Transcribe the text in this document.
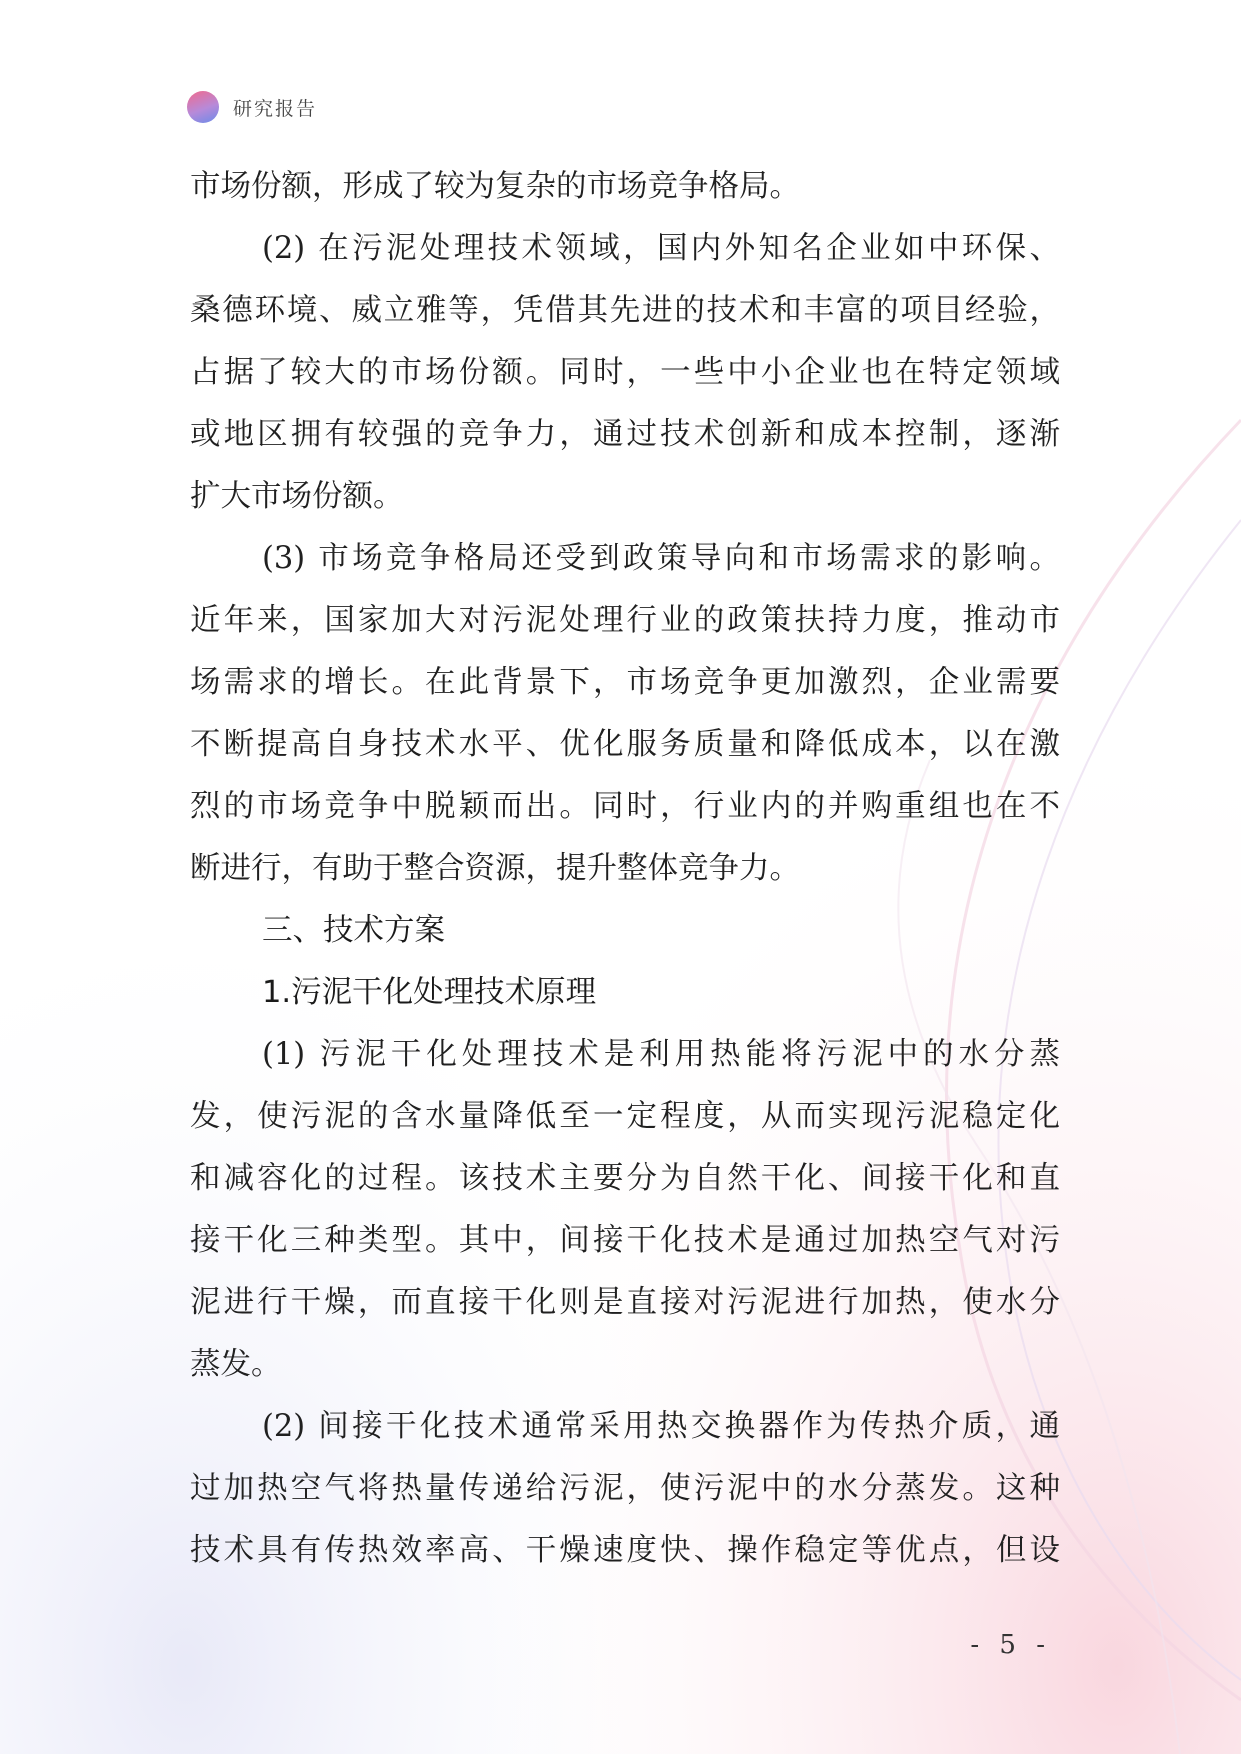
研究报告
市场份额，形成了较为复杂的市场竞争格局。
(2) 在污泥处理技术领域，国内外知名企业如中环保、
桑德环境、威立雅等，凭借其先进的技术和丰富的项目经验，
占据了较大的市场份额。同时，一些中小企业也在特定领域
或地区拥有较强的竞争力，通过技术创新和成本控制，逐渐
扩大市场份额。
(3) 市场竞争格局还受到政策导向和市场需求的影响。
近年来，国家加大对污泥处理行业的政策扶持力度，推动市
场需求的增长。在此背景下，市场竞争更加激烈，企业需要
不断提高自身技术水平、优化服务质量和降低成本，以在激
烈的市场竞争中脱颖而出。同时，行业内的并购重组也在不
断进行，有助于整合资源，提升整体竞争力。
三、技术方案
1.污泥干化处理技术原理
(1) 污泥干化处理技术是利用热能将污泥中的水分蒸
发，使污泥的含水量降低至一定程度，从而实现污泥稳定化
和减容化的过程。该技术主要分为自然干化、间接干化和直
接干化三种类型。其中，间接干化技术是通过加热空气对污
泥进行干燥，而直接干化则是直接对污泥进行加热，使水分
蒸发。
(2) 间接干化技术通常采用热交换器作为传热介质，通
过加热空气将热量传递给污泥，使污泥中的水分蒸发。这种
技术具有传热效率高、干燥速度快、操作稳定等优点，但设
- 5 -
